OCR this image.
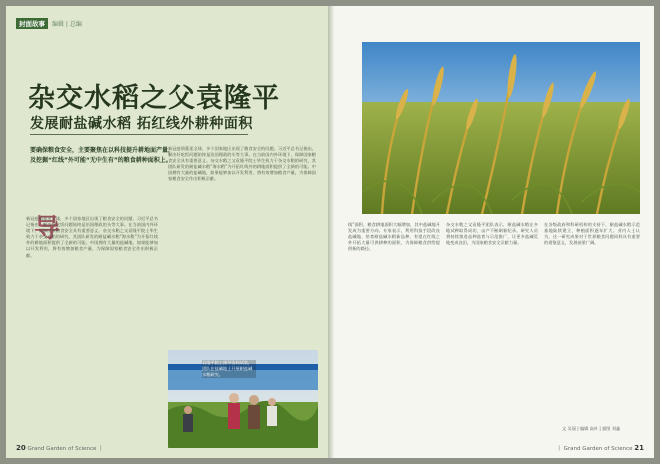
封面故事	编辑 | 总编
杂交水稻之父袁隆平
发展耐盐碱水稻 拓红线外耕种面积
要确保粮食安全，主要聚焦在以科技提升耕地面产量，
及挖掘“红线”外可能“无中生有”的粮食耕种面积上。
导
新冠疫情蔓延全球，多个国家地区出现了粮食安全的问题。习近平总书记指出，解决好吃饭问题始终是治国理政的头等大事。在当前国内外环境下，保障国家粮食安全具有重要意义。杂交水稻之父袁隆平院士毕生致力于杂交水稻的研究，其团队研发的耐盐碱水稻“海水稻”为开拓红线外的耕地面积提供了全新的可能。中国拥有大量的盐碱地，如果能够加以开发利用，将有效增加粮食产量，为保障国家粮食安全作出积极贡献。
新冠疫情蔓延全球，多个国家地区出现了粮食安全的问题。习近平总书记指出，解决好吃饭问题始终是治国理政的头等大事。在当前国内外环境下，保障国家粮食安全具有重要意义。杂交水稻之父袁隆平院士毕生致力于杂交水稻的研究，其团队研发的耐盐碱水稻“海水稻”为开拓红线外的耕地面积提供了全新的可能。中国拥有大量的盐碱地，如果能够加以开发利用，将有效增加粮食产量，为保障国家粮食安全作出积极贡献。
袁隆平院士指导田间试验，团队在盐碱地上开展耐盐碱水稻研究。
20 Grand Garden of Science 丨
线”面积，粮食耕地面积大幅增加，其中盐碱地开发成为重要方向。专家表示，利用科技手段改良盐碱地、培育耐盐碱水稻新品种，有望在红线之外开拓大量可供耕种的面积，为保障粮食供给提供新的路径。
杂交水稻之父袁隆平团队表示，耐盐碱水稻在多地试种取得成功，亩产不断刷新纪录。研究人员将持续推进品种选育与示范推广，让更多盐碱荒地变成良田，为国家粮食安全贡献力量。
在各级政府和科研机构的支持下，耐盐碱水稻示范基地陆续建立，种植面积逐年扩大。业内人士认为，这一研究成果对于世界粮食问题同样具有重要的借鉴意义，发展前景广阔。
文 吴丽 | 编辑 高叶 | 插图 刘鑫
丨 Grand Garden of Science 21
